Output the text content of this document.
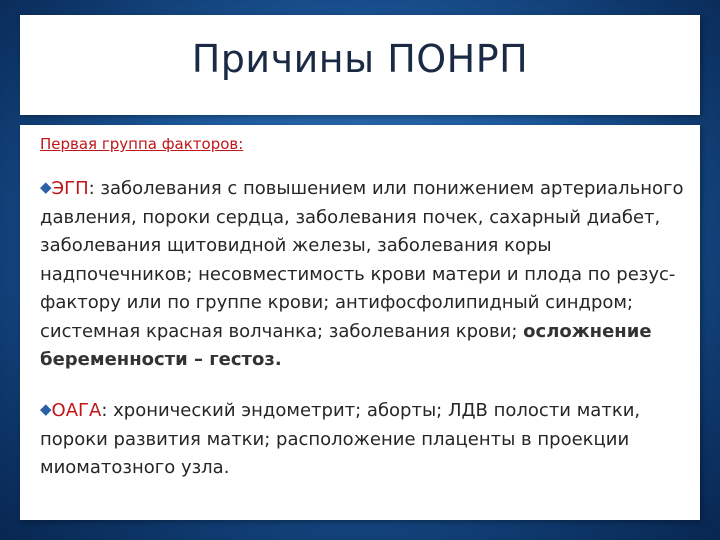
Причины ПОНРП
Первая группа факторов:
◆ЭГП: заболевания с повышением или понижением артериального давления, пороки сердца, заболевания почек, сахарный диабет, заболевания щитовидной железы, заболевания коры надпочечников; несовместимость крови матери и плода по резус-фактору или по группе крови; антифосфолипидный синдром; системная красная волчанка; заболевания крови; осложнение беременности – гестоз.
◆ОАГА: хронический эндометрит; аборты; ЛДВ полости матки, пороки развития матки; расположение плаценты в проекции миоматозного узла.
